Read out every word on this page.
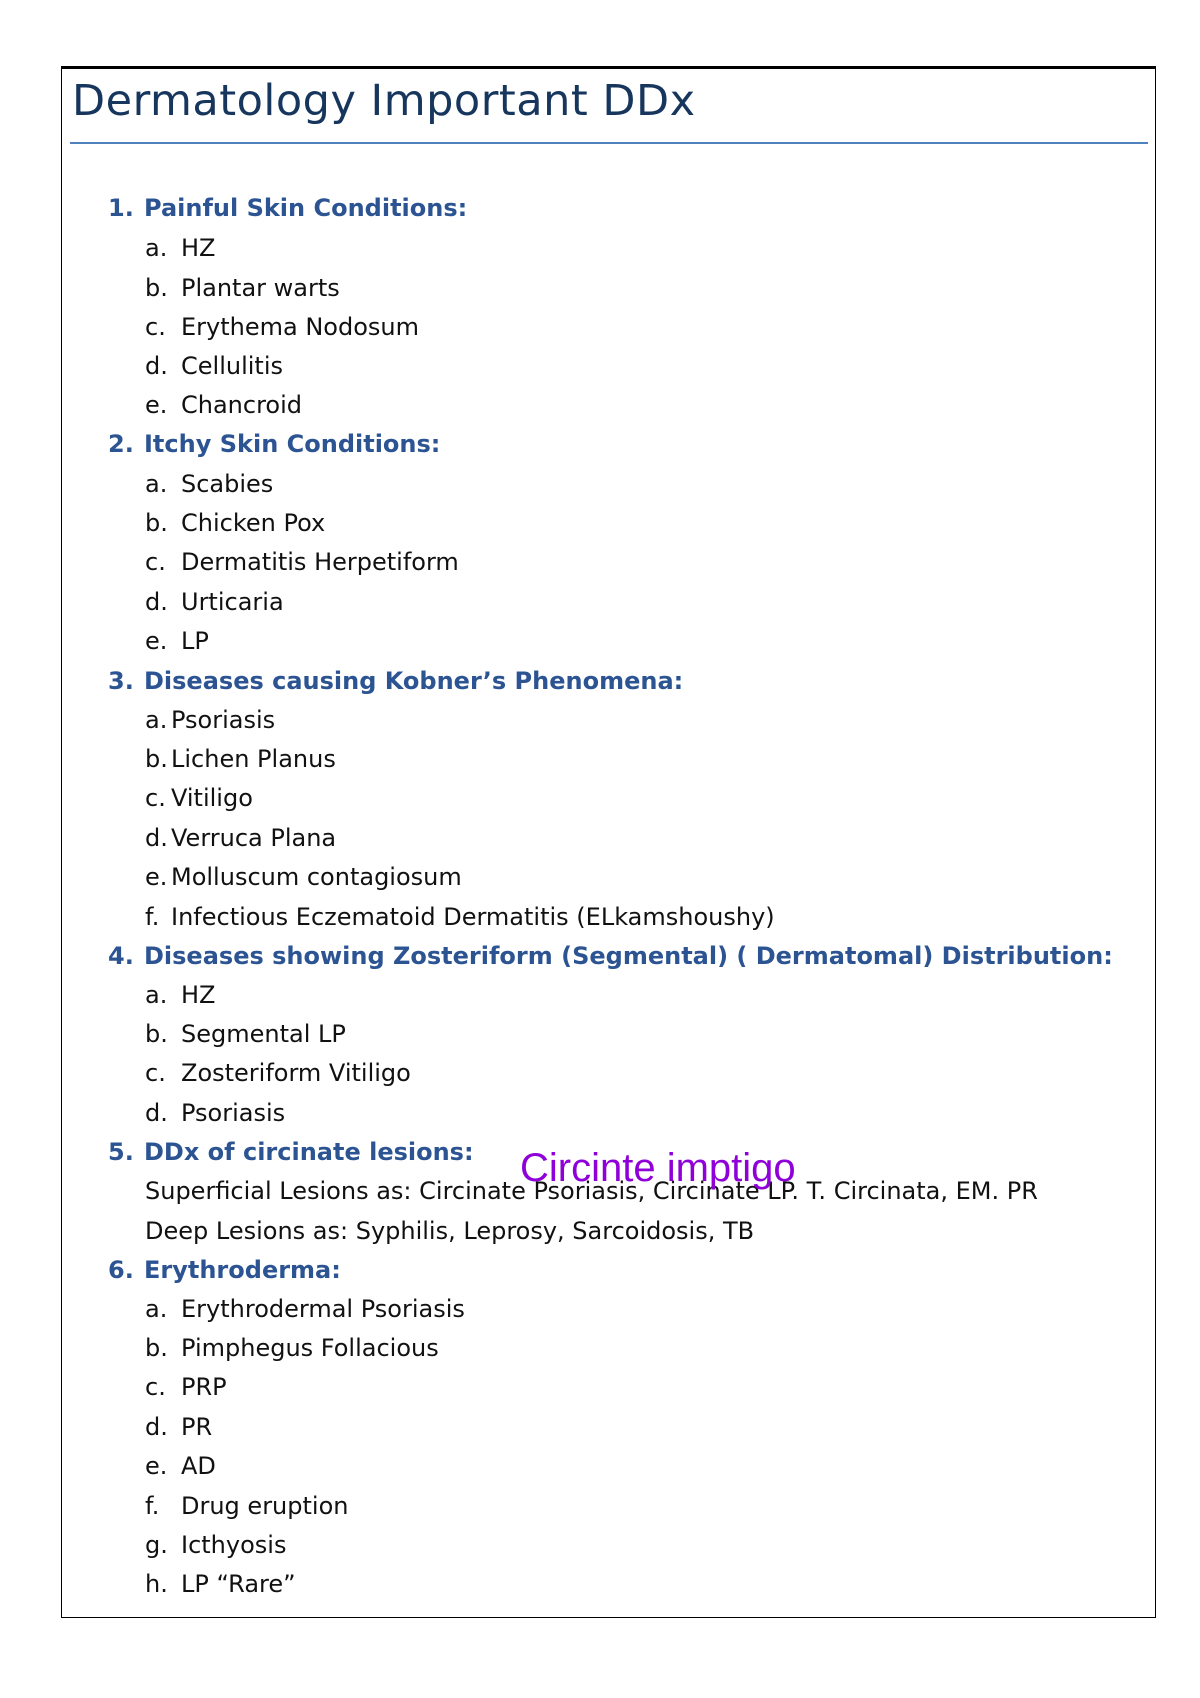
Dermatology Important DDx
1. Painful Skin Conditions:
a. HZ
b. Plantar warts
c. Erythema Nodosum
d. Cellulitis
e. Chancroid
2. Itchy Skin Conditions:
a. Scabies
b. Chicken Pox
c. Dermatitis Herpetiform
d. Urticaria
e. LP
3. Diseases causing Kobner’s Phenomena:
a. Psoriasis
b. Lichen Planus
c. Vitiligo
d. Verruca Plana
e. Molluscum contagiosum
f. Infectious Eczematoid Dermatitis (ELkamshoushy)
4. Diseases showing Zosteriform (Segmental) ( Dermatomal) Distribution:
a. HZ
b. Segmental LP
c. Zosteriform Vitiligo
d. Psoriasis
5. DDx of circinate lesions:
Superficial Lesions as: Circinate Psoriasis, Circinate LP. T. Circinata, EM. PR
Deep Lesions as: Syphilis, Leprosy, Sarcoidosis, TB
6. Erythroderma:
a. Erythrodermal Psoriasis
b. Pimphegus Follacious
c. PRP
d. PR
e. AD
f. Drug eruption
g. Icthyosis
h. LP “Rare”
Circinte imptigo
